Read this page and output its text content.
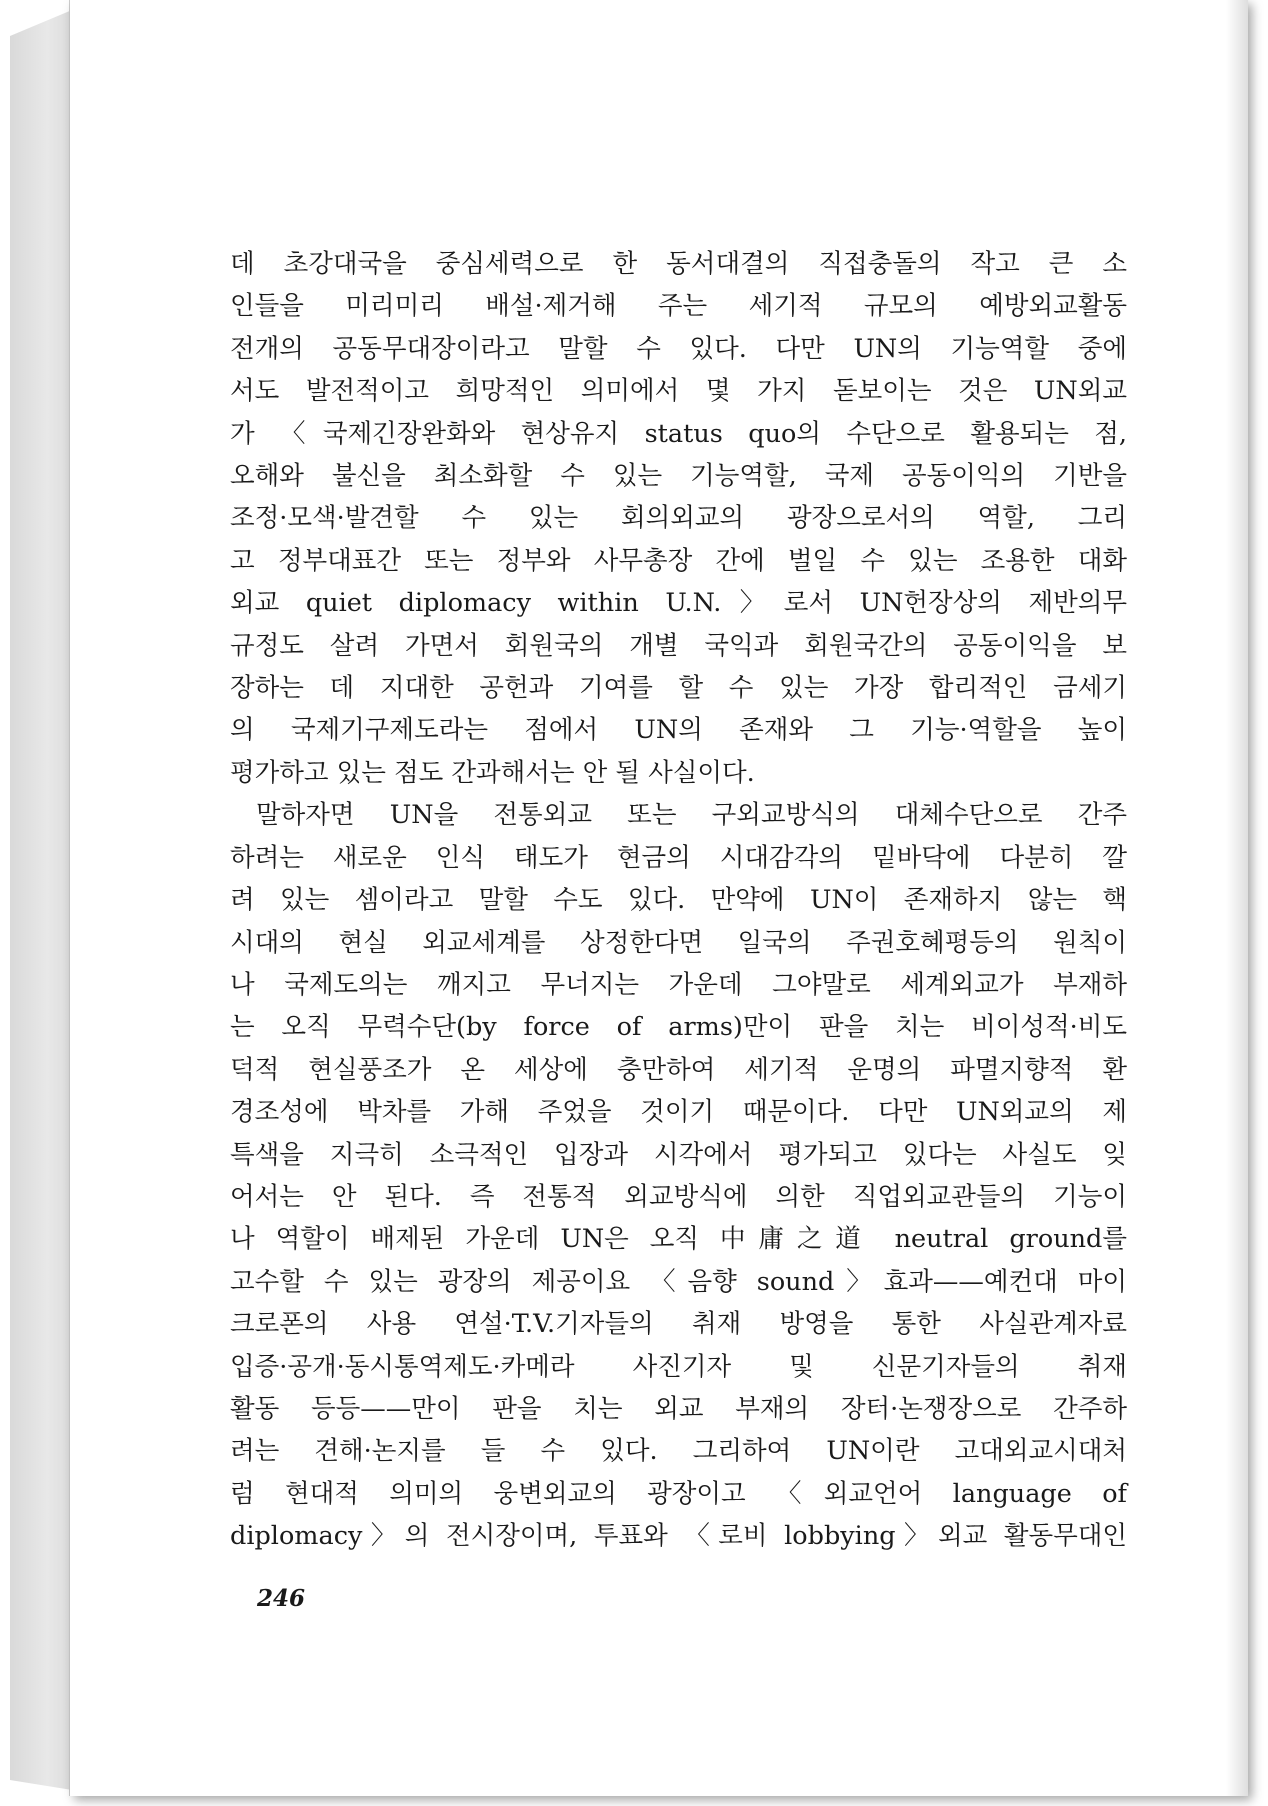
데 초강대국을 중심세력으로 한 동서대결의 직접충돌의 작고 큰 소

인들을 미리미리 배설·제거해 주는 세기적 규모의 예방외교활동

전개의 공동무대장이라고 말할 수 있다. 다만 UN의 기능역할 중에

서도 발전적이고 희망적인 의미에서 몇 가지 돋보이는 것은 UN외교

가 〈국제긴장완화와 현상유지 status quo의 수단으로 활용되는 점,

오해와 불신을 최소화할 수 있는 기능역할, 국제 공동이익의 기반을

조정·모색·발견할 수 있는 회의외교의 광장으로서의 역할, 그리

고 정부대표간 또는 정부와 사무총장 간에 벌일 수 있는 조용한 대화

외교 quiet diplomacy within U.N.〉로서 UN헌장상의 제반의무

규정도 살려 가면서 회원국의 개별 국익과 회원국간의 공동이익을 보

장하는 데 지대한 공헌과 기여를 할 수 있는 가장 합리적인 금세기

의 국제기구제도라는 점에서 UN의 존재와 그 기능·역할을 높이

평가하고 있는 점도 간과해서는 안 될 사실이다.

말하자면 UN을 전통외교 또는 구외교방식의 대체수단으로 간주

하려는 새로운 인식 태도가 현금의 시대감각의 밑바닥에 다분히 깔

려 있는 셈이라고 말할 수도 있다. 만약에 UN이 존재하지 않는 핵

시대의 현실 외교세계를 상정한다면 일국의 주권호혜평등의 원칙이

나 국제도의는 깨지고 무너지는 가운데 그야말로 세계외교가 부재하

는 오직 무력수단(by force of arms)만이 판을 치는 비이성적·비도

덕적 현실풍조가 온 세상에 충만하여 세기적 운명의 파멸지향적 환

경조성에 박차를 가해 주었을 것이기 때문이다. 다만 UN외교의 제

특색을 지극히 소극적인 입장과 시각에서 평가되고 있다는 사실도 잊

어서는 안 된다. 즉 전통적 외교방식에 의한 직업외교관들의 기능이

나 역할이 배제된 가운데 UN은 오직 中庸之道 neutral ground를

고수할 수 있는 광장의 제공이요 〈음향 sound〉효과——예컨대 마이

크로폰의 사용 연설·T.V.기자들의 취재 방영을 통한 사실관계자료

입증·공개·동시통역제도·카메라 사진기자 및 신문기자들의 취재

활동 등등——만이 판을 치는 외교 부재의 장터·논쟁장으로 간주하

려는 견해·논지를 들 수 있다. 그리하여 UN이란 고대외교시대처

럼 현대적 의미의 웅변외교의 광장이고 〈외교언어 language of

diplomacy〉의 전시장이며, 투표와 〈로비 lobbying〉외교 활동무대인

246
